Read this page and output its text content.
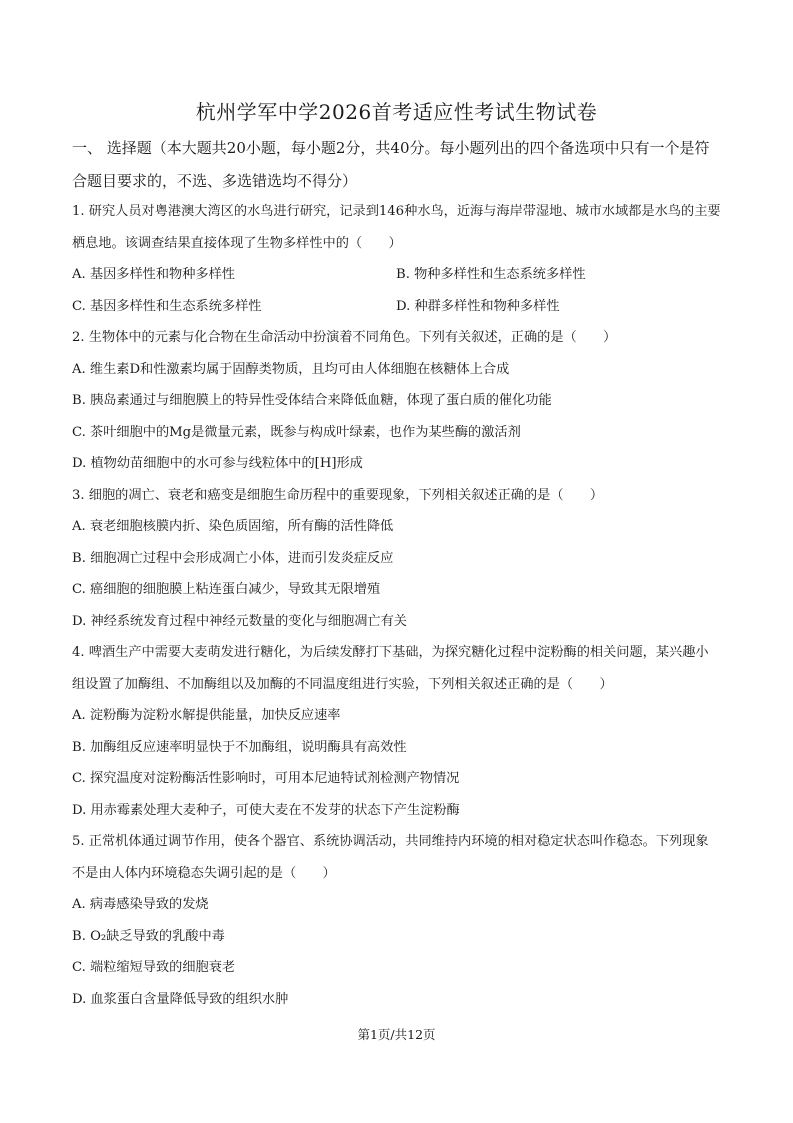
杭州学军中学2026首考适应性考试生物试卷
一、 选择题（本大题共20小题，每小题2分，共40分。每小题列出的四个备选项中只有一个是符合题目要求的，不选、多选错选均不得分）
1. 研究人员对粤港澳大湾区的水鸟进行研究，记录到146种水鸟，近海与海岸带湿地、城市水域都是水鸟的主要栖息地。该调查结果直接体现了生物多样性中的（　　）
A. 基因多样性和物种多样性	B. 物种多样性和生态系统多样性
C. 基因多样性和生态系统多样性	D. 种群多样性和物种多样性
2. 生物体中的元素与化合物在生命活动中扮演着不同角色。下列有关叙述，正确的是（　　）
A. 维生素D和性激素均属于固醇类物质，且均可由人体细胞在核糖体上合成
B. 胰岛素通过与细胞膜上的特异性受体结合来降低血糖，体现了蛋白质的催化功能
C. 茶叶细胞中的Mg是微量元素，既参与构成叶绿素，也作为某些酶的激活剂
D. 植物幼苗细胞中的水可参与线粒体中的[H]形成
3. 细胞的凋亡、衰老和癌变是细胞生命历程中的重要现象，下列相关叙述正确的是（　　）
A. 衰老细胞核膜内折、染色质固缩，所有酶的活性降低
B. 细胞凋亡过程中会形成凋亡小体，进而引发炎症反应
C. 癌细胞的细胞膜上粘连蛋白减少，导致其无限增殖
D. 神经系统发育过程中神经元数量的变化与细胞凋亡有关
4. 啤酒生产中需要大麦萌发进行糖化，为后续发酵打下基础，为探究糖化过程中淀粉酶的相关问题，某兴趣小组设置了加酶组、不加酶组以及加酶的不同温度组进行实验，下列相关叙述正确的是（　　）
A. 淀粉酶为淀粉水解提供能量，加快反应速率
B. 加酶组反应速率明显快于不加酶组，说明酶具有高效性
C. 探究温度对淀粉酶活性影响时，可用本尼迪特试剂检测产物情况
D. 用赤霉素处理大麦种子，可使大麦在不发芽的状态下产生淀粉酶
5. 正常机体通过调节作用，使各个器官、系统协调活动，共同维持内环境的相对稳定状态叫作稳态。下列现象不是由人体内环境稳态失调引起的是（　　）
A. 病毒感染导致的发烧
B. O₂缺乏导致的乳酸中毒
C. 端粒缩短导致的细胞衰老
D. 血浆蛋白含量降低导致的组织水肿
第1页/共12页
